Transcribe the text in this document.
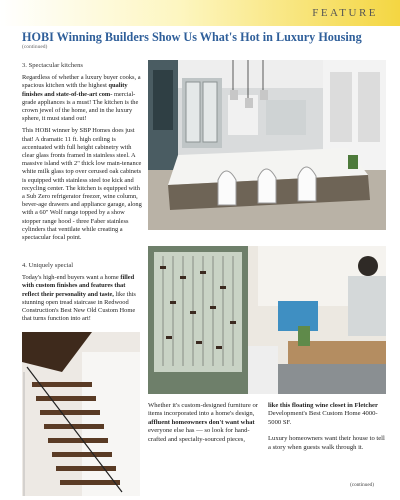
FEATURE
HOBI Winning Builders Show Us What's Hot in Luxury Housing
(continued)

3. Spectacular kitchens

Regardless of whether a luxury buyer cooks, a spacious kitchen with the highest quality finishes and state-of-the-art com- mercial-grade appliances is a must! The kitchen is the crown jewel of the home, and in the luxury sphere, it must stand out!

This HOBI winner by SBP Homes does just that! A dramatic 11 ft. high ceiling is accentuated with full height cabinetry with clear glass fronts framed in stainless steel. A massive island with 2" thick low main-tenance white milk glass top over cerused oak cabinets is equipped with stainless steel toe kick and recycling center. The kitchen is equipped with a Sub Zero refrigerator freezer, wine column, bever-age drawers and appliance garage, along with a 60" Wolf range topped by a show stopper range hood - three Faber stainless cylinders that ventilate while creating a spectacular focal point.

4. Uniquely special

Today's high-end buyers want a home filled with custom finishes and features that reflect their personality and taste, like this stunning open tread staircase in Redwood Construction's Best New Old Custom Home that turns function into art!

Whether it's custom-designed furniture or items incorporated into a home's design, affluent homeowners don't want what everyone else has — so look for hand-crafted and specialty-sourced pieces,
like this floating wine closet in Fletcher Development's Best Custom Home 4000-5000 SF.
Luxury homeowners want their house to tell a story when guests walk through it.
(continued)
